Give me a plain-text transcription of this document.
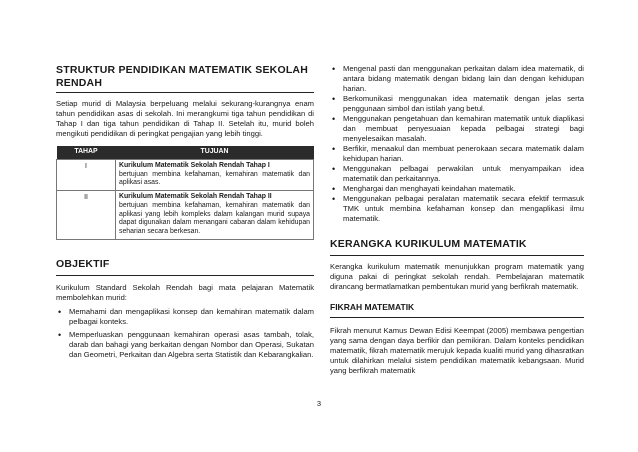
STRUKTUR PENDIDIKAN MATEMATIK SEKOLAH RENDAH

Setiap murid di Malaysia berpeluang melalui sekurang-kurangnya enam tahun pendidikan asas di sekolah. Ini merangkumi tiga tahun pendidikan di Tahap I dan tiga tahun pendidikan di Tahap II. Setelah itu, murid boleh mengikuti pendidikan di peringkat pengajian yang lebih tinggi.

TAHAP	TUJUAN
I	Kurikulum Matematik Sekolah Rendah Tahap I
bertujuan membina kefahaman, kemahiran matematik dan aplikasi asas.
II	Kurikulum Matematik Sekolah Rendah Tahap II
bertujuan membina kefahaman, kemahiran matematik dan aplikasi yang lebih kompleks dalam kalangan murid supaya dapat digunakan dalam menangani cabaran dalam kehidupan seharian secara berkesan.
OBJEKTIF

Kurikulum Standard Sekolah Rendah bagi mata pelajaran Matematik membolehkan murid:

• Memahami dan mengaplikasi konsep dan kemahiran matematik dalam pelbagai konteks.
• Memperluaskan penggunaan kemahiran operasi asas tambah, tolak, darab dan bahagi yang berkaitan dengan Nombor dan Operasi, Sukatan dan Geometri, Perkaitan dan Algebra serta Statistik dan Kebarangkalian.
• Mengenal pasti dan menggunakan perkaitan dalam idea matematik, di antara bidang matematik dengan bidang lain dan dengan kehidupan harian.
• Berkomunikasi menggunakan idea matematik dengan jelas serta penggunaan simbol dan istilah yang betul.
• Menggunakan pengetahuan dan kemahiran matematik untuk diaplikasi dan membuat penyesuaian kepada pelbagai strategi bagi menyelesaikan masalah.
• Berfikir, menaakul dan membuat penerokaan secara matematik dalam kehidupan harian.
• Menggunakan pelbagai perwakilan untuk menyampaikan idea matematik dan perkaitannya.
• Menghargai dan menghayati keindahan matematik.
• Menggunakan pelbagai peralatan matematik secara efektif termasuk TMK untuk membina kefahaman konsep dan mengaplikasi ilmu matematik.
KERANGKA KURIKULUM MATEMATIK

Kerangka kurikulum matematik menunjukkan program matematik yang diguna pakai di peringkat sekolah rendah. Pembelajaran matematik dirancang bermatlamatkan pembentukan murid yang berfikrah matematik.

FIKRAH MATEMATIK

Fikrah menurut Kamus Dewan Edisi Keempat (2005) membawa pengertian yang sama dengan daya berfikir dan pemikiran. Dalam konteks pendidikan matematik, fikrah matematik merujuk kepada kualiti murid yang dihasratkan untuk dilahirkan melalui sistem pendidikan matematik kebangsaan. Murid yang berfikrah matematik

3
